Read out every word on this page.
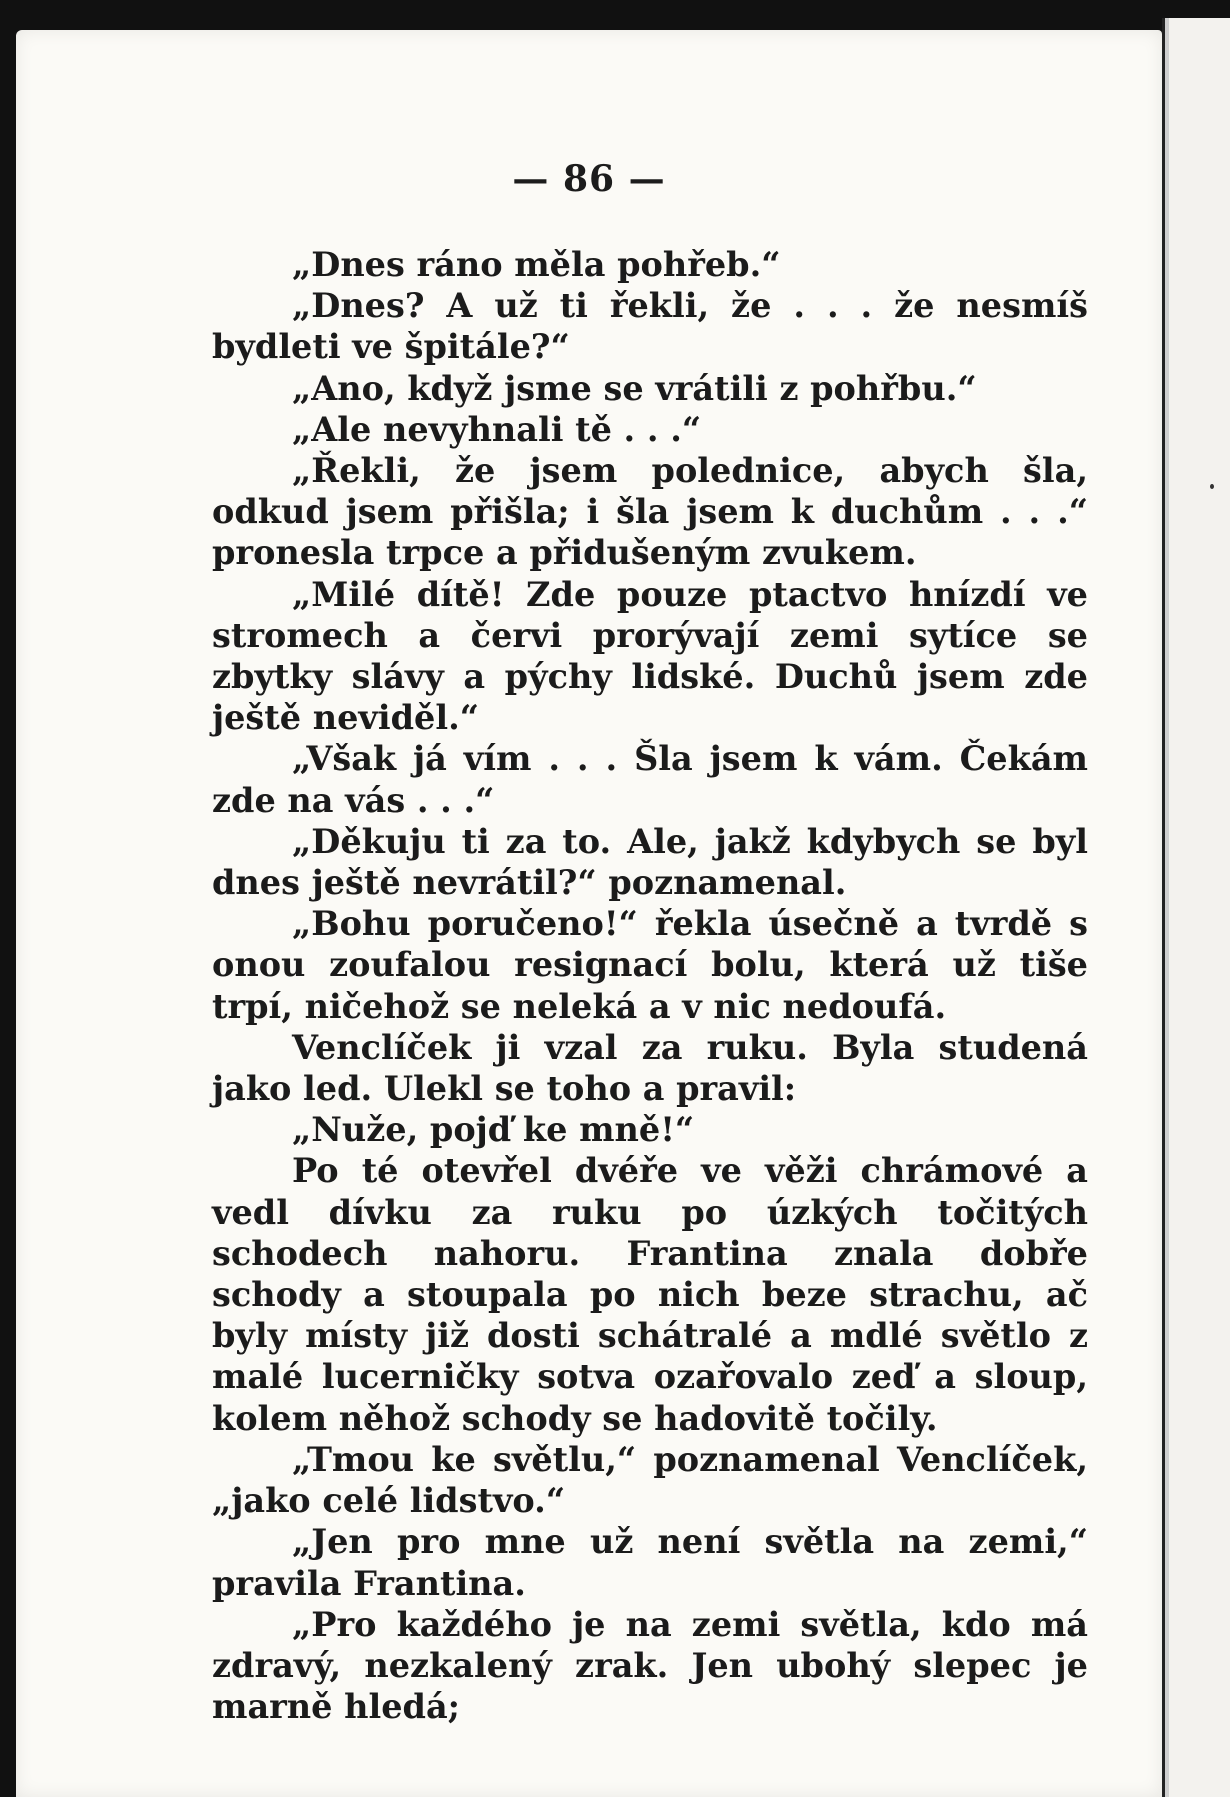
— 86 —

„Dnes ráno měla pohřeb.“

„Dnes? A už ti řekli, že . . . že nesmíš bydleti ve špitále?“

„Ano, když jsme se vrátili z pohřbu.“

„Ale nevyhnali tě . . .“

„Řekli, že jsem polednice, abych šla, odkud jsem přišla; i šla jsem k duchům . . .“ pronesla trpce a přidušeným zvukem.

„Milé dítě! Zde pouze ptactvo hnízdí ve stromech a červi prorývají zemi sytíce se zbytky slávy a pýchy lidské. Duchů jsem zde ještě neviděl.“

„Však já vím . . . Šla jsem k vám. Čekám zde na vás . . .“

„Děkuju ti za to. Ale, jakž kdybych se byl dnes ještě nevrátil?“ poznamenal.

„Bohu poručeno!“ řekla úsečně a tvrdě s onou zoufalou resignací bolu, která už tiše trpí, ničehož se neleká a v nic nedoufá.

Venclíček ji vzal za ruku. Byla studená jako led. Ulekl se toho a pravil:

„Nuže, pojď ke mně!“

Po té otevřel dvéře ve věži chrámové a vedl dívku za ruku po úzkých točitých schodech nahoru. Frantina znala dobře schody a stoupala po nich beze strachu, ač byly místy již dosti schátralé a mdlé světlo z malé lucerničky sotva ozařovalo zeď a sloup, kolem něhož schody se hadovitě točily.

„Tmou ke světlu,“ poznamenal Venclíček, „jako celé lidstvo.“

„Jen pro mne už není světla na zemi,“ pravila Frantina.

„Pro každého je na zemi světla, kdo má zdravý, nezkalený zrak. Jen ubohý slepec je marně hledá;
